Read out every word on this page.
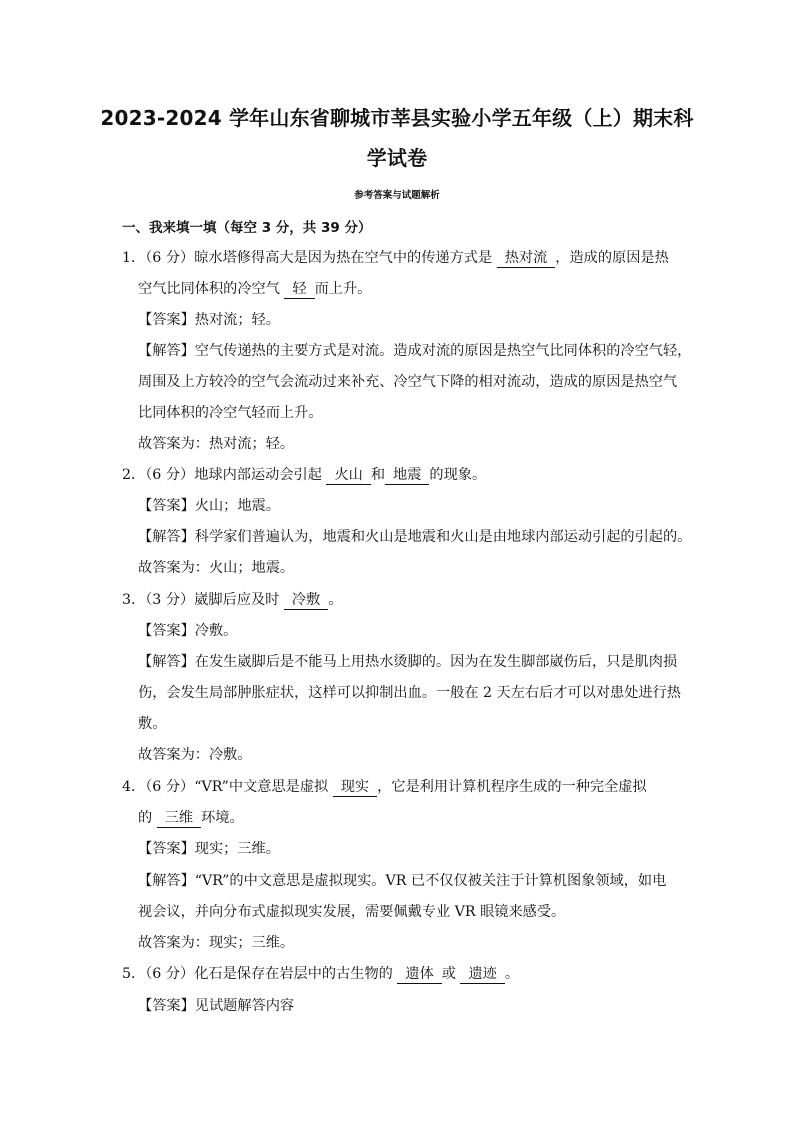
2023-2024 学年山东省聊城市莘县实验小学五年级（上）期末科
学试卷
参考答案与试题解析
一、我来填一填（每空 3 分，共 39 分）
1．（6 分）晾水塔修得高大是因为热在空气中的传递方式是 热对流 ，造成的原因是热
空气比同体积的冷空气 轻 而上升。
【答案】热对流；轻。
【解答】空气传递热的主要方式是对流。造成对流的原因是热空气比同体积的冷空气轻，
周围及上方较冷的空气会流动过来补充、冷空气下降的相对流动，造成的原因是热空气
比同体积的冷空气轻而上升。
故答案为：热对流；轻。
2．（6 分）地球内部运动会引起 火山 和 地震 的现象。
【答案】火山；地震。
【解答】科学家们普遍认为，地震和火山是地震和火山是由地球内部运动引起的引起的。
故答案为：火山；地震。
3．（3 分）崴脚后应及时 冷敷 。
【答案】冷敷。
【解答】在发生崴脚后是不能马上用热水烫脚的。因为在发生脚部崴伤后，只是肌肉损
伤，会发生局部肿胀症状，这样可以抑制出血。一般在 2 天左右后才可以对患处进行热
敷。
故答案为：冷敷。
4．（6 分）“VR”中文意思是虚拟 现实 ，它是利用计算机程序生成的一种完全虚拟
的 三维 环境。
【答案】现实；三维。
【解答】“VR”的中文意思是虚拟现实。VR 已不仅仅被关注于计算机图象领域，如电
视会议，并向分布式虚拟现实发展，需要佩戴专业 VR 眼镜来感受。
故答案为：现实；三维。
5．（6 分）化石是保存在岩层中的古生物的 遗体 或 遗迹 。
【答案】见试题解答内容
